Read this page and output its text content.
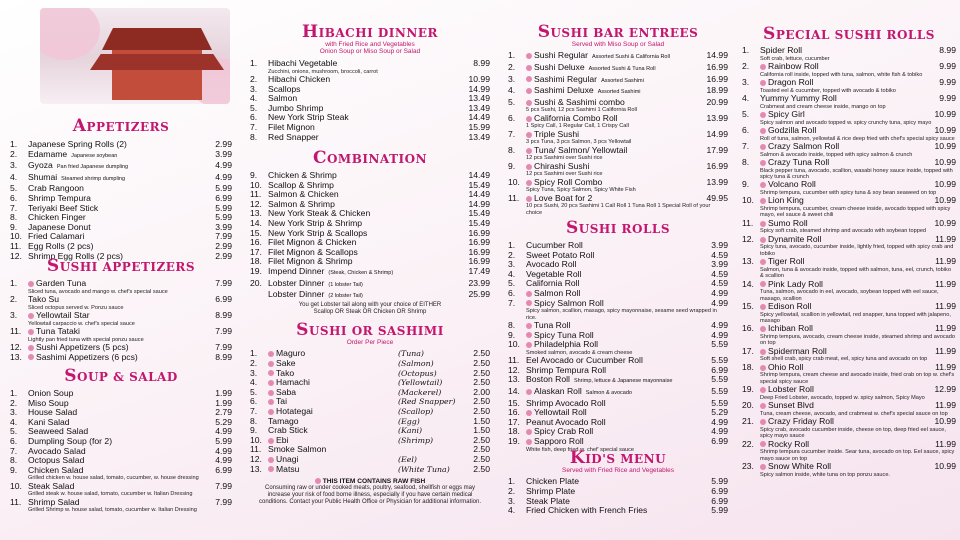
APPETIZERS
1.	Japanese Spring Rolls (2)	2.99
2.	Edamame Japanese soybean	3.99
3.	Gyoza Pan fried Japanese dumpling	4.99
4.	Shumai Steamed shrimp dumpling	4.99
5.	Crab Rangoon	5.99
6.	Shrimp Tempura	6.99
7.	Teriyaki Beef Stick	5.99
8.	Chicken Finger	5.99
9.	Japanese Donut	3.99
10. Fried Calamari	7.99
11. Egg Rolls (2 pcs)	2.99
12. Shrimp Egg Rolls (2 pcs)	2.99
SUSHI APPETIZERS
1.	Garden Tuna	7.99
Sliced tuna, avocado and mango w. chef's special sauce
2.	Tako Su	6.99
Sliced octopus served w. Ponzu sauce
3.	Yellowtail Star	8.99
Yellowtail carpaccio w. chef's special sauce
11.	Tuna Tataki	7.99
Lightly pan fried tuna with special ponzu sauce
12.	Sushi Appetizers (5 pcs)	7.99
13.	Sashimi Appetizers (6 pcs)	8.99
SOUP & SALAD
1.	Onion Soup	1.99
2.	Miso Soup	1.99
3.	House Salad	2.79
4.	Kani Salad	5.29
5.	Seaweed Salad	4.99
6.	Dumpling Soup (for 2)	5.99
7.	Avocado Salad	4.99
8.	Octopus Salad	4.99
9.	Chicken Salad	6.99
Grilled chicken w. house salad, tomato, cucumber, w. house dressing
10. Steak Salad	7.99
Grilled steak w. house salad, tomato, cucumber w. Italian Dressing
11. Shrimp Salad	7.99
Grilled Shrimp w. house salad, tomato, cucumber w. Italian Dressing
HIBACHI DINNER
with Fried Rice and Vegetables
Onion Soup or Miso Soup or Salad
1.	Hibachi Vegetable	8.99
Zucchini, onions, mushroom, broccoli, carrot
2.	Hibachi Chicken	10.99
3.	Scallops	14.99
4.	Salmon	13.49
5.	Jumbo Shrimp	13.49
6.	New York Strip Steak	14.49
7.	Filet Mignon	15.99
8.	Red Snapper	13.49
COMBINATION
9.	Chicken & Shrimp	14.49
10. Scallop & Shrimp	15.49
11. Salmon & Chicken	14.49
12. Salmon & Shrimp	14.99
13. New York Steak & Chicken	15.49
14. New York Strip & Shrimp	15.49
15. New York Strip & Scallops	16.99
16. Filet Mignon & Chicken	16.99
17. Filet Mignon & Scallops	16.99
18. Filet Mignon & Shrimp	16.99
19. Impend Dinner (Steak, Chicken & Shrimp)	17.49
20. Lobster Dinner (1 lobster Tail)	23.99
Lobster Dinner (2 lobster Tail)	25.99
You get Lobster tail along with your choice of EITHER
Scallop OR Steak OR Chicken OR Shrimp
SUSHI OR SASHIMI
Order Per Piece
1.	Maguro	(Tuna)	2.50
2.	Sake	(Salmon)	2.50
3.	Tako	(Octopus)	2.50
4.	Hamachi	(Yellowtail)	2.50
5.	Saba	(Mackerel)	2.00
6.	Tai	(Red Snapper)	2.50
7.	Hotategai	(Scallop)	2.50
8.	Tamago	(Egg)	1.50
9.	Crab Stick	(Kani)	1.50
10.	Ebi	(Shrimp)	2.50
11. Smoke Salmon	2.50
12.	Unagi	(Eel)	2.50
13.	Matsu	(White Tuna)	2.50
THIS ITEM CONTAINS RAW FISH
Consuming raw or under cooked meats, poultry, seafood, shellfish or eggs may increase your risk of food borne illness, especially if you have certain medical conditions. Contact your Public Health Office or Physician for additional information.
SUSHI BAR ENTREES
Served with Miso Soup or Salad
1.	Sushi Regular Assorted Sushi & California Roll	14.99
2.	Sushi Deluxe Assorted Sushi & Tuna Roll	16.99
3.	Sashimi Regular Assorted Sashimi	16.99
4.	Sashimi Deluxe Assorted Sashimi	18.99
5.	Sushi & Sashimi combo	20.99
5 pcs Sushi, 12 pcs Sashimi 1 California Roll
6.	California Combo Roll	13.99
1 Spicy Call, 1 Regular Call, 1 Crispy Call
7.	Triple Sushi	14.99
3 pcs Tuna, 3 pcs Salmon, 3 pcs Yellowtail
8.	Tuna/ Salmon/ Yellowtail	17.99
12 pcs Sashimi over Sushi rice
9.	Chirashi Sushi	16.99
12 pcs Sashimi over Sushi rice
10.	Spicy Roll Combo	13.99
Spicy Tuna, Spicy Salmon, Spicy White Fish
11.	Love Boat for 2	49.95
10 pcs Sushi, 20 pcs Sashimi 1 Call Roll 1 Tuna Roll 1 Special Roll of your choice
SUSHI ROLLS
1.	Cucumber Roll	3.99
2.	Sweet Potato Roll	4.59
3.	Avocado Roll	3.99
4.	Vegetable Roll	4.59
5.	California Roll	4.59
6.	Salmon Roll	4.99
7.	Spicy Salmon Roll	4.99
Spicy salmon, scallion, masago, spicy mayonnaise, sesame seed wrapped in rice.
8.	Tuna Roll	4.99
9.	Spicy Tuna Roll	4.99
10.	Philadelphia Roll	5.59
Smoked salmon, avocado & cream cheese
11. Eel Avocado or Cucumber Roll	5.59
12. Shrimp Tempura Roll	6.99
13. Boston Roll Shrimp, lettuce & Japanese mayonnaise	5.59
14.	Alaskan Roll Salmon & avocado	5.59
15. Shrimp Avocado Roll	5.59
16.	Yellowtail Roll	5.29
17. Peanut Avocado Roll	4.99
18.	Spicy Crab Roll	4.99
19.	Sapporo Roll	6.99
White fish, deep fried w. chef' special sauce
KID'S MENU
Served with Fried Rice and Vegetables
1.	Chicken Plate	5.99
2.	Shrimp Plate	6.99
3.	Steak Plate	6.99
4.	Fried Chicken with French Fries	5.99
SPECIAL SUSHI ROLLS
1.	Spider Roll	8.99
Soft crab, lettuce, cucumber
2.	Rainbow Roll	9.99
California roll inside, topped with tuna, salmon, white fish & tobiko
3.	Dragon Roll	9.99
Toasted eel & cucumber, topped with avocado & tobiko
4.	Yummy Yummy Roll	9.99
Crabmeat and cream cheese inside, mango on top
5.	Spicy Girl	10.99
Spicy salmon and avocado topped w. spicy crunchy tuna, spicy mayo
6.	Godzilla Roll	10.99
Roll of tuna, salmon, yellowtail & rice deep fried with chef's special spicy sauce
7.	Crazy Salmon Roll	10.99
Salmon & avocado inside, topped with spicy salmon & crunch
8.	Crazy Tuna Roll	10.99
Black pepper tuna, avocado, scallion, wasabi honey sauce inside, topped with spicy tuna & crunch
9.	Volcano Roll	10.99
Shrimp tempura, cucumber with spicy tuna & soy bean seaweed on top
10.	Lion King	10.99
Shrimp tempura, cucumber, cream cheese inside, avocado topped with spicy mayo, eel sauce & sweet chili
11.	Sumo Roll	10.99
Spicy soft crab, steamed shrimp and avocado with soybean topped
12.	Dynamite Roll	11.99
Spicy tuna, avocado, cucumber inside, lightly fried, topped with spicy crab and tobiko
13.	Tiger Roll	11.99
Salmon, tuna & avocado inside, topped with salmon, tuna, eel, crunch, tobiko & scallion
14.	Pink Lady Roll	11.99
Tuna, salmon, avocado in eel, avocado, soybean topped with eel sauce, masago, scallion
15.	Edison Roll	11.99
Spicy yellowtail, scallion in yellowtail, red snapper, tuna topped with jalapeno, masago
16.	Ichiban Roll	11.99
Shrimp tempura, avocado, cream cheese inside, steamed shrimp and avocado on top
17.	Spiderman Roll	11.99
Soft shell crab, spicy crab meat, eel, spicy tuna and avocado on top
18.	Ohio Roll	11.99
Shrimp tempura, cream cheese and avocado inside, fried crab on top w. chef's special spicy sauce
19.	Lobster Roll	12.99
Deep Fried Lobster, avocado, topped w. spicy salmon, Spicy Mayo
20.	Sunset Blvd	11.99
Tuna, cream cheese, avocado, and crabmeat w. chef's special sauce on top
21.	Crazy Friday Roll	10.99
Spicy crab, avocado cucumber inside, cheese on top, deep fried eel sauce, spicy mayo sauce
22.	Rocky Roll	11.99
Shrimp tempura cucumber inside. Sear tuna, avocado on top. Eel sauce, spicy mayo sauce on top
23.	Snow White Roll	10.99
Spicy salmon inside, white tuna on top ponzu sauce.
